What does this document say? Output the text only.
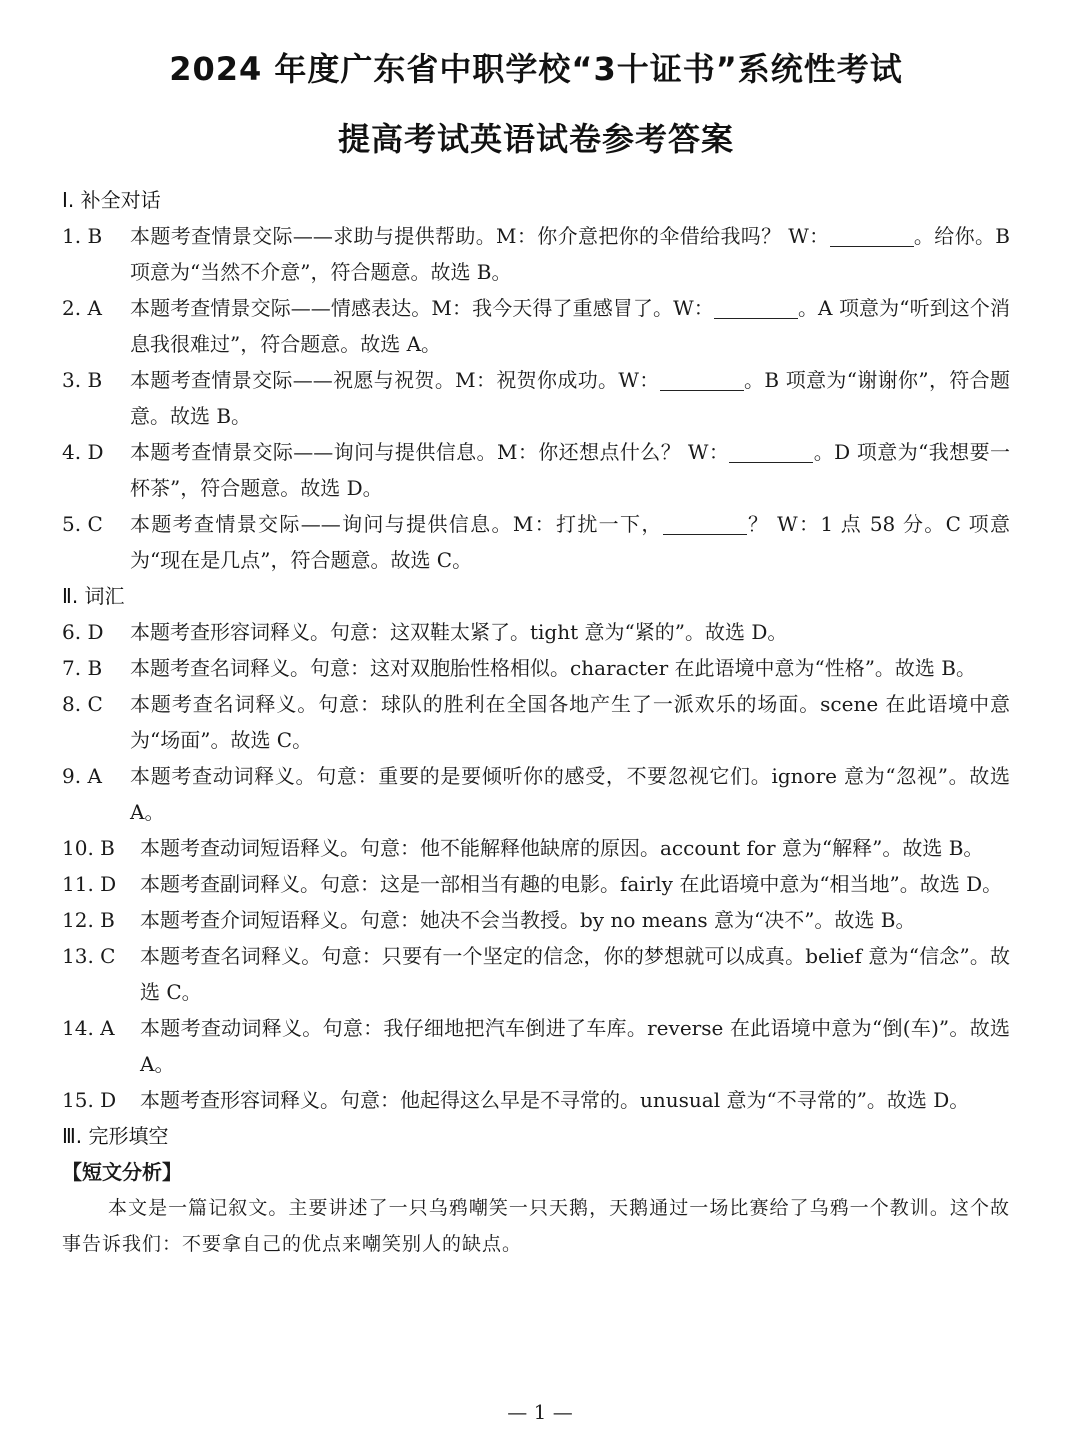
2024 年度广东省中职学校“3十证书”系统性考试
提高考试英语试卷参考答案
Ⅰ. 补全对话
1. B	本题考查情景交际——求助与提供帮助。M：你介意把你的伞借给我吗？ W：	。给你。B 项意为“当然不介意”，符合题意。故选 B。
2. A	本题考查情景交际——情感表达。M：我今天得了重感冒了。W：	。A 项意为“听到这个消息我很难过”，符合题意。故选 A。
3. B	本题考查情景交际——祝愿与祝贺。M：祝贺你成功。W：	。B 项意为“谢谢你”，符合题意。故选 B。
4. D	本题考查情景交际——询问与提供信息。M：你还想点什么？ W：	。D 项意为“我想要一杯茶”，符合题意。故选 D。
5. C	本题考查情景交际——询问与提供信息。M：打扰一下，	？ W：1 点 58 分。C 项意为“现在是几点”，符合题意。故选 C。
Ⅱ. 词汇
6. D	本题考查形容词释义。句意：这双鞋太紧了。tight 意为“紧的”。故选 D。
7. B	本题考查名词释义。句意：这对双胞胎性格相似。character 在此语境中意为“性格”。故选 B。
8. C	本题考查名词释义。句意：球队的胜利在全国各地产生了一派欢乐的场面。scene 在此语境中意为“场面”。故选 C。
9. A	本题考查动词释义。句意：重要的是要倾听你的感受，不要忽视它们。ignore 意为“忽视”。故选 A。
10. B	本题考查动词短语释义。句意：他不能解释他缺席的原因。account for 意为“解释”。故选 B。
11. D	本题考查副词释义。句意：这是一部相当有趣的电影。fairly 在此语境中意为“相当地”。故选 D。
12. B	本题考查介词短语释义。句意：她决不会当教授。by no means 意为“决不”。故选 B。
13. C	本题考查名词释义。句意：只要有一个坚定的信念，你的梦想就可以成真。belief 意为“信念”。故选 C。
14. A	本题考查动词释义。句意：我仔细地把汽车倒进了车库。reverse 在此语境中意为“倒(车)”。故选 A。
15. D	本题考查形容词释义。句意：他起得这么早是不寻常的。unusual 意为“不寻常的”。故选 D。
Ⅲ. 完形填空
【短文分析】
本文是一篇记叙文。主要讲述了一只乌鸦嘲笑一只天鹅，天鹅通过一场比赛给了乌鸦一个教训。这个故事告诉我们：不要拿自己的优点来嘲笑别人的缺点。
— 1 —
